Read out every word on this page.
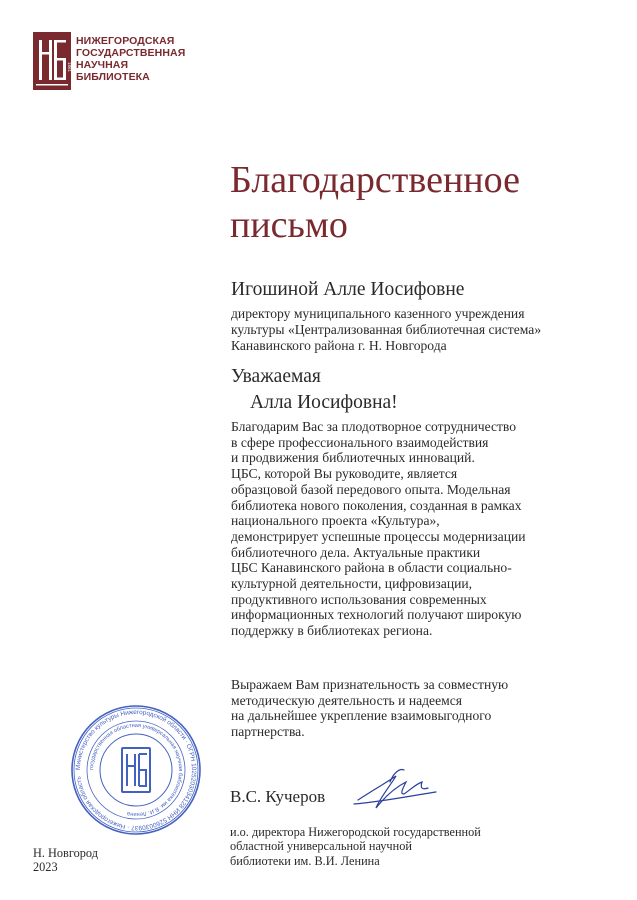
1861
НИЖЕГОРОДСКАЯ
ГОСУДАРСТВЕННАЯ
НАУЧНАЯ
БИБЛИОТЕКА
Благодарственное
письмо
Игошиной Алле Иосифовне
директору муниципального казенного учреждения
культуры «Централизованная библиотечная система»
Канавинского района г. Н. Новгорода
Уважаемая
Алла Иосифовна!
Благодарим Вас за плодотворное сотрудничество
в сфере профессионального взаимодействия
и продвижения библиотечных инноваций.
ЦБС, которой Вы руководите, является
образцовой базой передового опыта. Модельная
библиотека нового поколения, созданная в рамках
национального проекта «Культура»,
демонстрирует успешные процессы модернизации
библиотечного дела. Актуальные практики
ЦБС Канавинского района в области социально-
культурной деятельности, цифровизации,
продуктивного использования современных
информационных технологий получают широкую
поддержку в библиотеках региона.
Выражаем Вам признательность за совместную
методическую деятельность и надеемся
на дальнейшее укрепление взаимовыгодного
партнерства.
Министерство культуры Нижегородской области · ОГРН 1025203034128 ИНН 5260030937 · Нижегородская область
государственная областная универсальная научная библиотека им. В.И. Ленина
В.С. Кучеров
и.о. директора Нижегородской государственной
областной универсальной научной
библиотеки им. В.И. Ленина
Н. Новгород
2023
